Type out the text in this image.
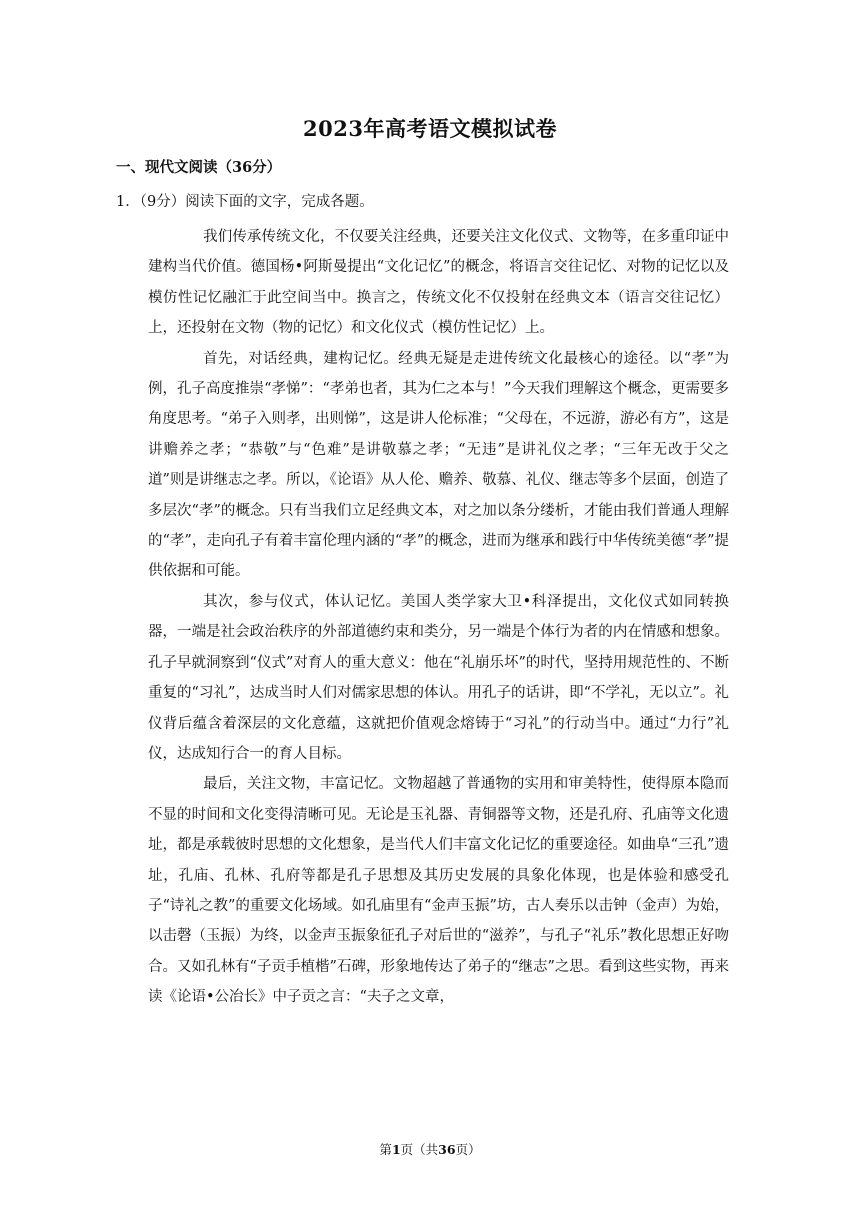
2023年高考语文模拟试卷
一、现代文阅读（36分）
1．（9分）阅读下面的文字，完成各题。

我们传承传统文化，不仅要关注经典，还要关注文化仪式、文物等，在多重印证中建构当代价值。德国杨•阿斯曼提出“文化记忆”的概念，将语言交往记忆、对物的记忆以及模仿性记忆融汇于此空间当中。换言之，传统文化不仅投射在经典文本（语言交往记忆）上，还投射在文物（物的记忆）和文化仪式（模仿性记忆）上。

首先，对话经典，建构记忆。经典无疑是走进传统文化最核心的途径。以“孝”为例，孔子高度推崇“孝悌”：“孝弟也者，其为仁之本与！”今天我们理解这个概念，更需要多角度思考。“弟子入则孝，出则悌”，这是讲人伦标准；“父母在，不远游，游必有方”，这是讲赡养之孝；“恭敬”与“色难”是讲敬慕之孝；“无违”是讲礼仪之孝；“三年无改于父之道”则是讲继志之孝。所以，《论语》从人伦、赡养、敬慕、礼仪、继志等多个层面，创造了多层次“孝”的概念。只有当我们立足经典文本，对之加以条分缕析，才能由我们普通人理解的“孝”，走向孔子有着丰富伦理内涵的“孝”的概念，进而为继承和践行中华传统美德“孝”提供依据和可能。

其次，参与仪式，体认记忆。美国人类学家大卫•科泽提出，文化仪式如同转换器，一端是社会政治秩序的外部道德约束和类分，另一端是个体行为者的内在情感和想象。孔子早就洞察到“仪式”对育人的重大意义：他在“礼崩乐坏”的时代，坚持用规范性的、不断重复的“习礼”，达成当时人们对儒家思想的体认。用孔子的话讲，即“不学礼，无以立”。礼仪背后蕴含着深层的文化意蕴，这就把价值观念熔铸于“习礼”的行动当中。通过“力行”礼仪，达成知行合一的育人目标。

最后，关注文物，丰富记忆。文物超越了普通物的实用和审美特性，使得原本隐而不显的时间和文化变得清晰可见。无论是玉礼器、青铜器等文物，还是孔府、孔庙等文化遗址，都是承载彼时思想的文化想象，是当代人们丰富文化记忆的重要途径。如曲阜“三孔”遗址，孔庙、孔林、孔府等都是孔子思想及其历史发展的具象化体现，也是体验和感受孔子“诗礼之教”的重要文化场域。如孔庙里有“金声玉振”坊，古人奏乐以击钟（金声）为始，以击磬（玉振）为终，以金声玉振象征孔子对后世的“滋养”，与孔子“礼乐”教化思想正好吻合。又如孔林有“子贡手植楷”石碑，形象地传达了弟子的“继志”之思。看到这些实物，再来读《论语•公冶长》中子贡之言：“夫子之文章，

第1页（共36页）
